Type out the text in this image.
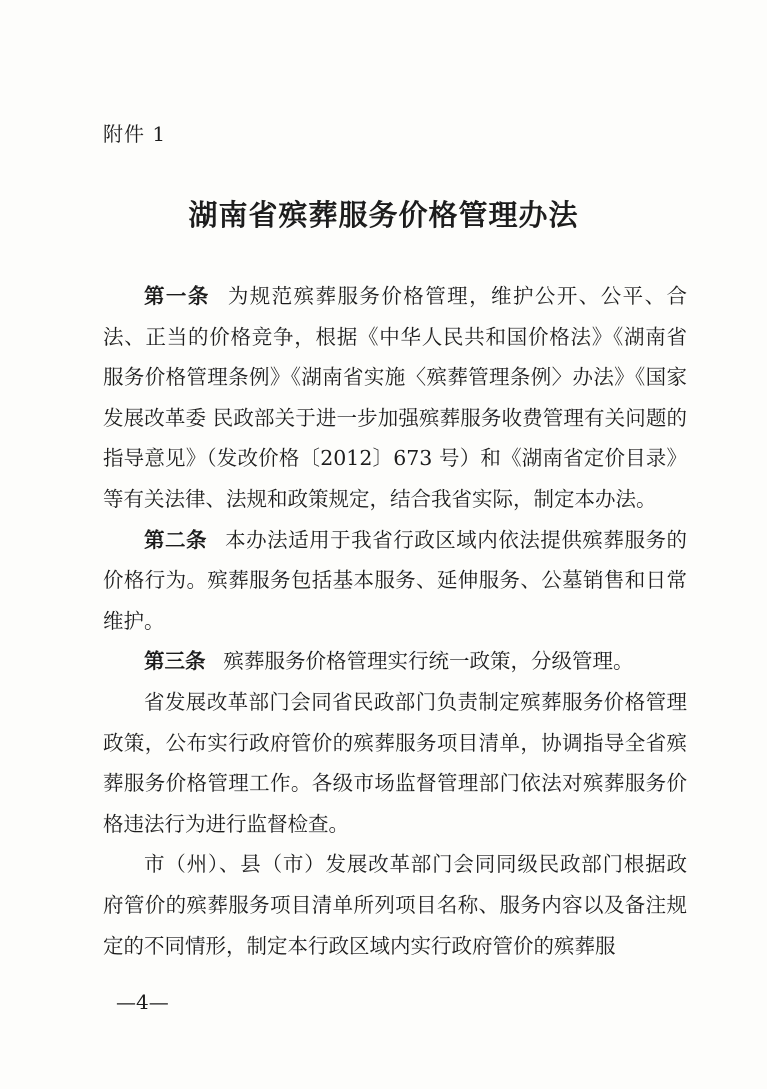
附件 1
湖南省殡葬服务价格管理办法

第一条 为规范殡葬服务价格管理，维护公开、公平、合法、正当的价格竞争，根据《中华人民共和国价格法》《湖南省服务价格管理条例》《湖南省实施〈殡葬管理条例〉办法》《国家发展改革委 民政部关于进一步加强殡葬服务收费管理有关问题的指导意见》（发改价格〔2012〕673 号）和《湖南省定价目录》等有关法律、法规和政策规定，结合我省实际，制定本办法。

第二条 本办法适用于我省行政区域内依法提供殡葬服务的价格行为。殡葬服务包括基本服务、延伸服务、公墓销售和日常维护。

第三条 殡葬服务价格管理实行统一政策，分级管理。

省发展改革部门会同省民政部门负责制定殡葬服务价格管理政策，公布实行政府管价的殡葬服务项目清单，协调指导全省殡葬服务价格管理工作。各级市场监督管理部门依法对殡葬服务价格违法行为进行监督检查。

市（州）、县（市）发展改革部门会同同级民政部门根据政府管价的殡葬服务项目清单所列项目名称、服务内容以及备注规定的不同情形，制定本行政区域内实行政府管价的殡葬服

—4—
